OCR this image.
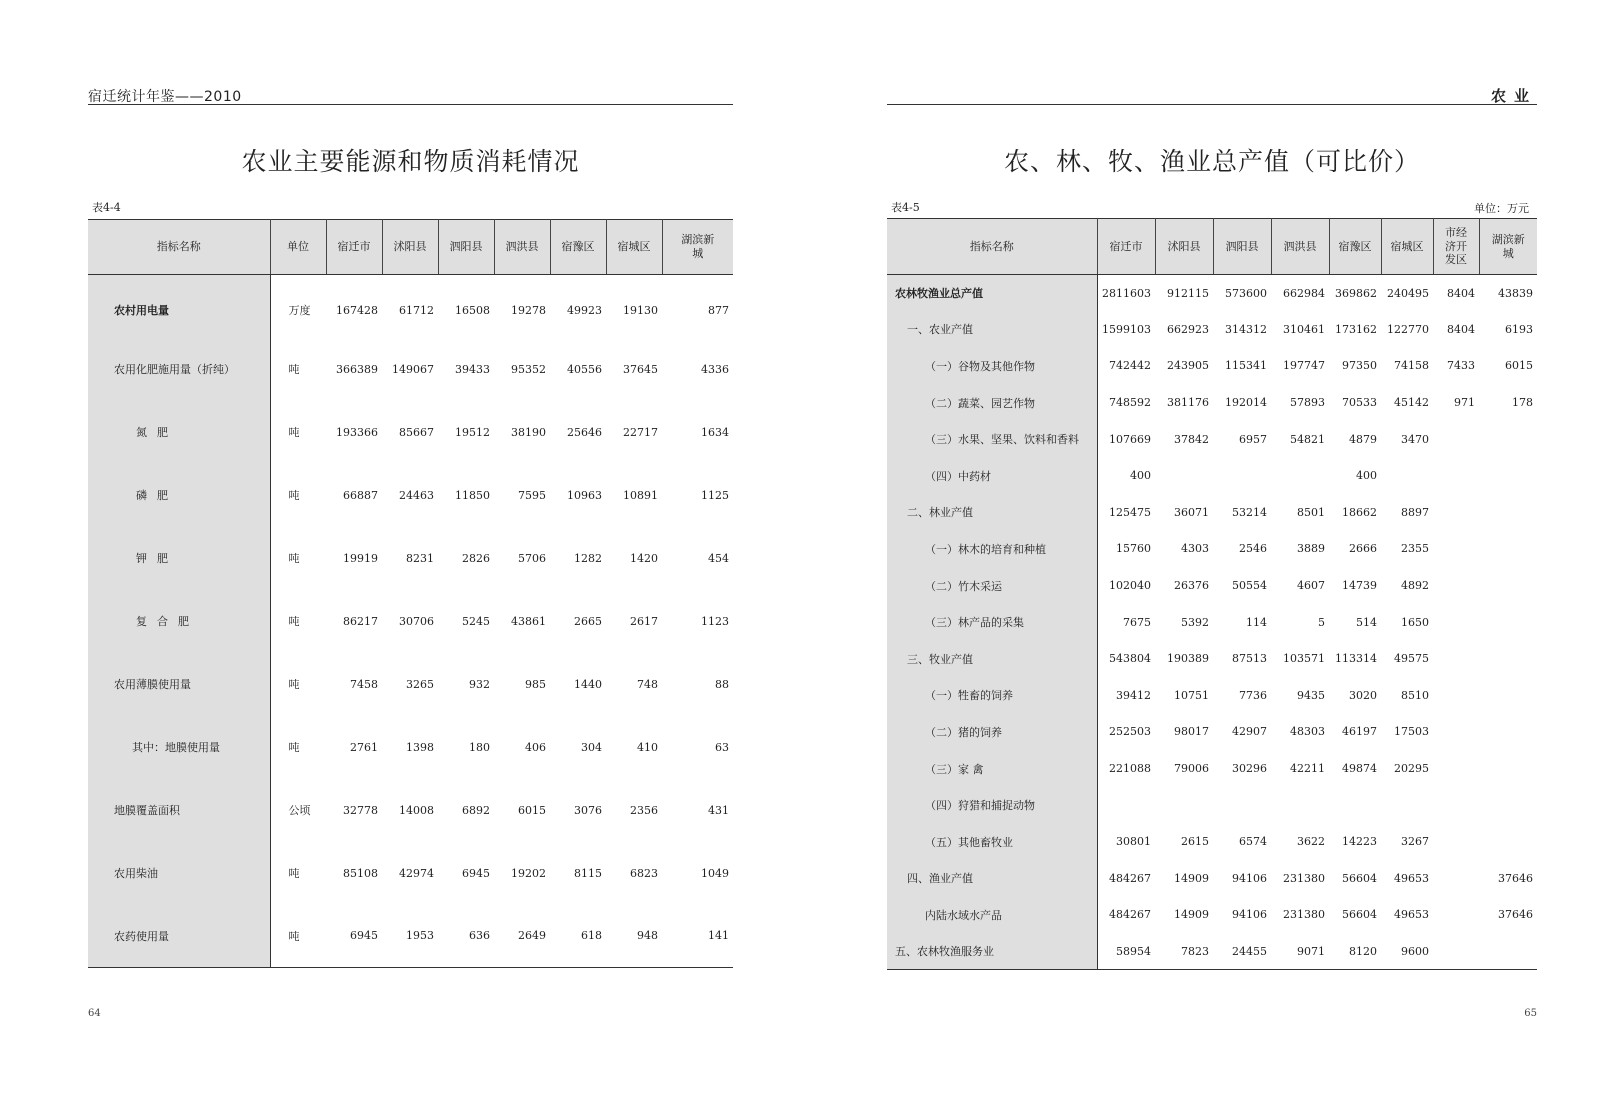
宿迁统计年鉴——2010
农业主要能源和物质消耗情况
表4-4
指标名称	单位	宿迁市	沭阳县	泗阳县	泗洪县	宿豫区	宿城区	湖滨新城
农村用电量	万度	167428	61712	16508	19278	49923	19130	877
农用化肥施用量（折纯）	吨	366389	149067	39433	95352	40556	37645	4336
氮肥	吨	193366	85667	19512	38190	25646	22717	1634
磷肥	吨	66887	24463	11850	7595	10963	10891	1125
钾肥	吨	19919	8231	2826	5706	1282	1420	454
复合肥	吨	86217	30706	5245	43861	2665	2617	1123
农用薄膜使用量	吨	7458	3265	932	985	1440	748	88
其中：地膜使用量	吨	2761	1398	180	406	304	410	63
地膜覆盖面积	公顷	32778	14008	6892	6015	3076	2356	431
农用柴油	吨	85108	42974	6945	19202	8115	6823	1049
农药使用量	吨	6945	1953	636	2649	618	948	141
64
农业
农、林、牧、渔业总产值（可比价）
表4-5	单位：万元
指标名称	宿迁市	沭阳县	泗阳县	泗洪县	宿豫区	宿城区	市经济开发区	湖滨新城
农林牧渔业总产值	2811603	912115	573600	662984	369862	240495	8404	43839
一、农业产值	1599103	662923	314312	310461	173162	122770	8404	6193
（一）谷物及其他作物	742442	243905	115341	197747	97350	74158	7433	6015
（二）蔬菜、园艺作物	748592	381176	192014	57893	70533	45142	971	178
（三）水果、坚果、饮料和香料	107669	37842	6957	54821	4879	3470		
（四）中药材	400				400			
二、林业产值	125475	36071	53214	8501	18662	8897		
（一）林木的培育和种植	15760	4303	2546	3889	2666	2355		
（二）竹木采运	102040	26376	50554	4607	14739	4892		
（三）林产品的采集	7675	5392	114	5	514	1650		
三、牧业产值	543804	190389	87513	103571	113314	49575		
（一）牲畜的饲养	39412	10751	7736	9435	3020	8510		
（二）猪的饲养	252503	98017	42907	48303	46197	17503		
（三）家 禽	221088	79006	30296	42211	49874	20295		
（四）狩猎和捕捉动物								
（五）其他畜牧业	30801	2615	6574	3622	14223	3267		
四、渔业产值	484267	14909	94106	231380	56604	49653		37646
内陆水域水产品	484267	14909	94106	231380	56604	49653		37646
五、农林牧渔服务业	58954	7823	24455	9071	8120	9600		
65
